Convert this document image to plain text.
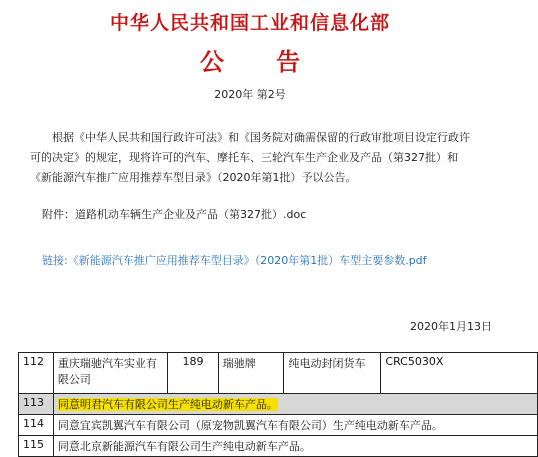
中华人民共和国工业和信息化部
公 告
2020年 第2号
根据《中华人民共和国行政许可法》和《国务院对确需保留的行政审批项目设定行政许可的决定》的规定，现将许可的汽车、摩托车、三轮汽车生产企业及产品（第327批）和《新能源汽车推广应用推荐车型目录》（2020年第1批）予以公告。
附件：道路机动车辆生产企业及产品（第327批）.doc
链接:《新能源汽车推广应用推荐车型目录》（2020年第1批）车型主要参数.pdf
2020年1月13日
112	重庆瑞驰汽车实业有限公司	189	瑞驰牌	纯电动封闭货车	CRC5030X
113	同意明君汽车有限公司生产纯电动新车产品。				
114	同意宜宾凯翼汽车有限公司（原宠物凯翼汽车有限公司）生产纯电动新车产品。				
115	同意北京新能源汽车有限公司生产纯电动新车产品。				
